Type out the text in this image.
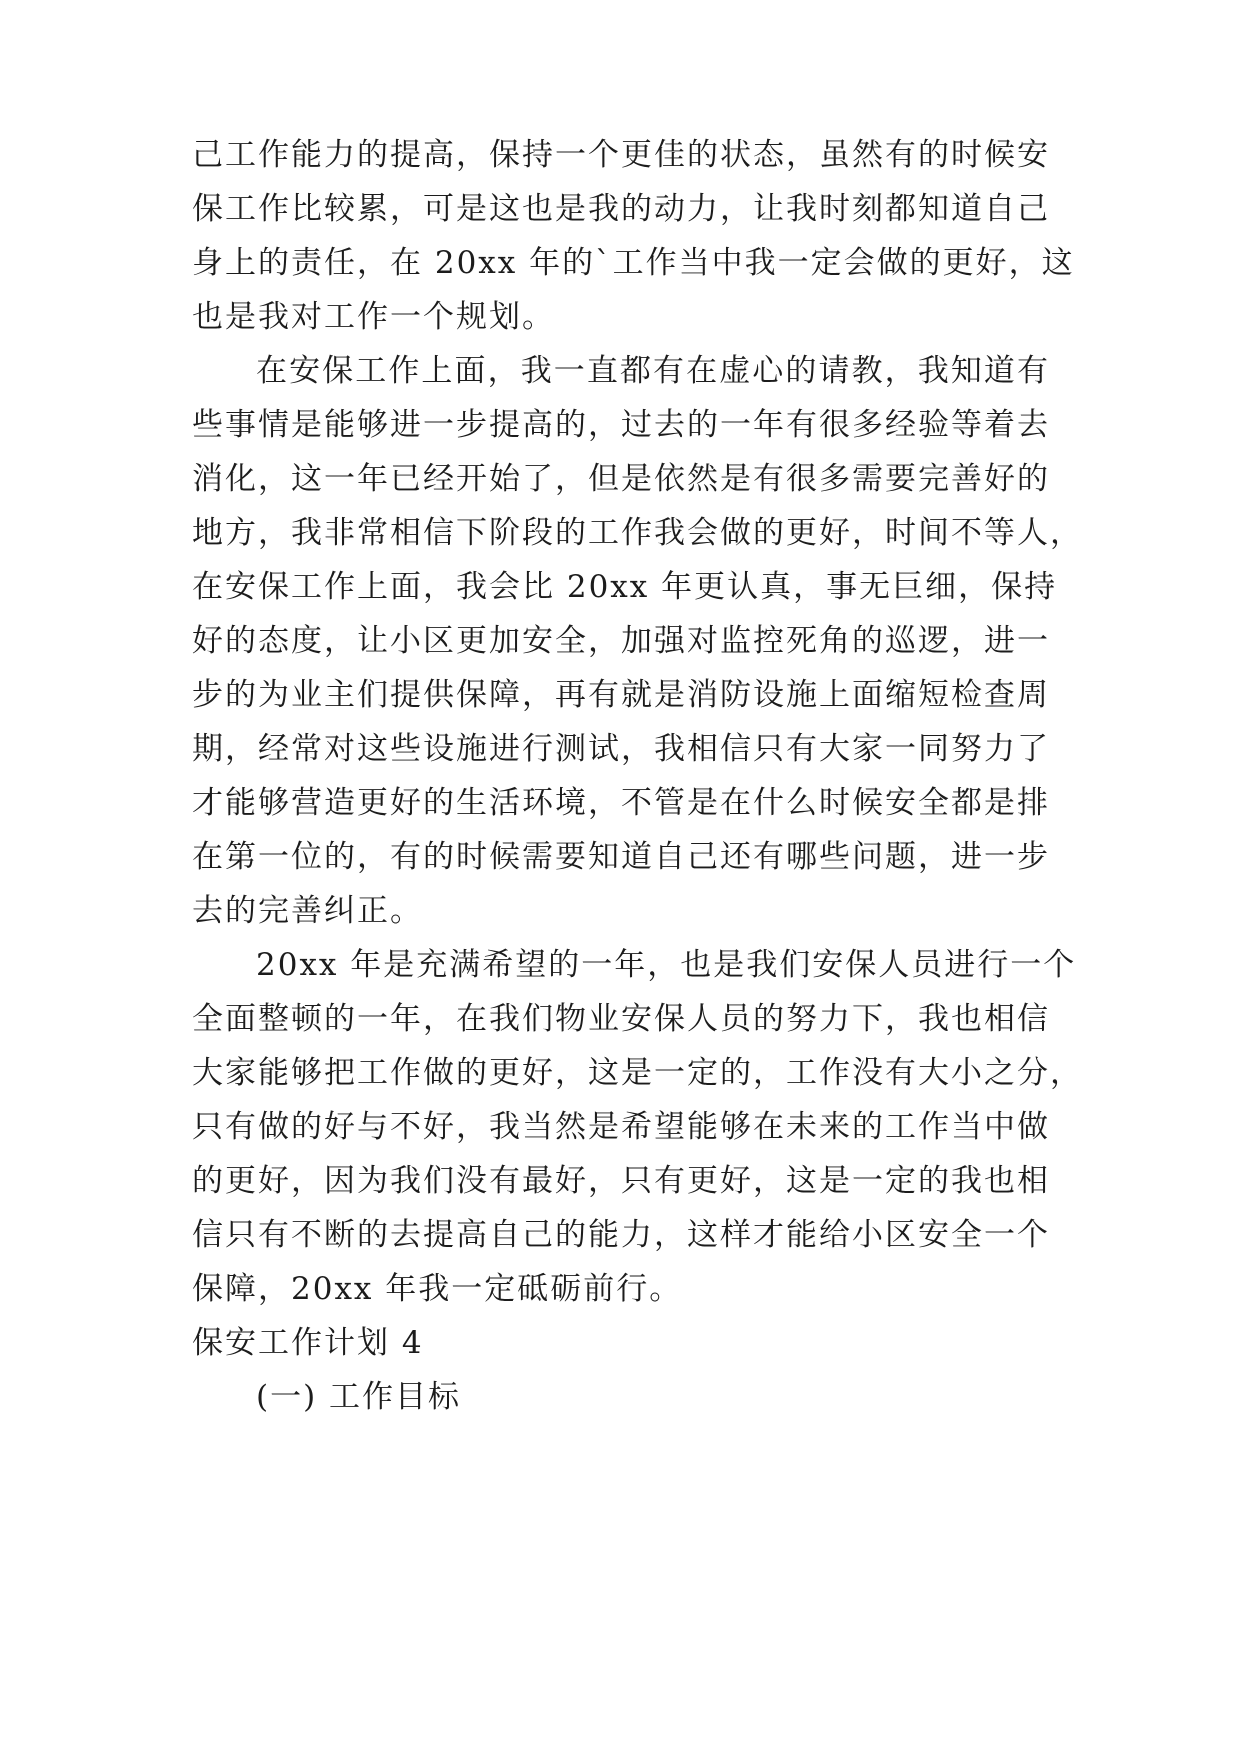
己工作能力的提高，保持一个更佳的状态，虽然有的时候安
保工作比较累，可是这也是我的动力，让我时刻都知道自己
身上的责任，在 20xx 年的`工作当中我一定会做的更好，这
也是我对工作一个规划。
在安保工作上面，我一直都有在虚心的请教，我知道有
些事情是能够进一步提高的，过去的一年有很多经验等着去
消化，这一年已经开始了，但是依然是有很多需要完善好的
地方，我非常相信下阶段的工作我会做的更好，时间不等人，
在安保工作上面，我会比 20xx 年更认真，事无巨细，保持
好的态度，让小区更加安全，加强对监控死角的巡逻，进一
步的为业主们提供保障，再有就是消防设施上面缩短检查周
期，经常对这些设施进行测试，我相信只有大家一同努力了
才能够营造更好的生活环境，不管是在什么时候安全都是排
在第一位的，有的时候需要知道自己还有哪些问题，进一步
去的完善纠正。
20xx 年是充满希望的一年，也是我们安保人员进行一个
全面整顿的一年，在我们物业安保人员的努力下，我也相信
大家能够把工作做的更好，这是一定的，工作没有大小之分，
只有做的好与不好，我当然是希望能够在未来的工作当中做
的更好，因为我们没有最好，只有更好，这是一定的我也相
信只有不断的去提高自己的能力，这样才能给小区安全一个
保障，20xx 年我一定砥砺前行。
保安工作计划 4
(一) 工作目标
